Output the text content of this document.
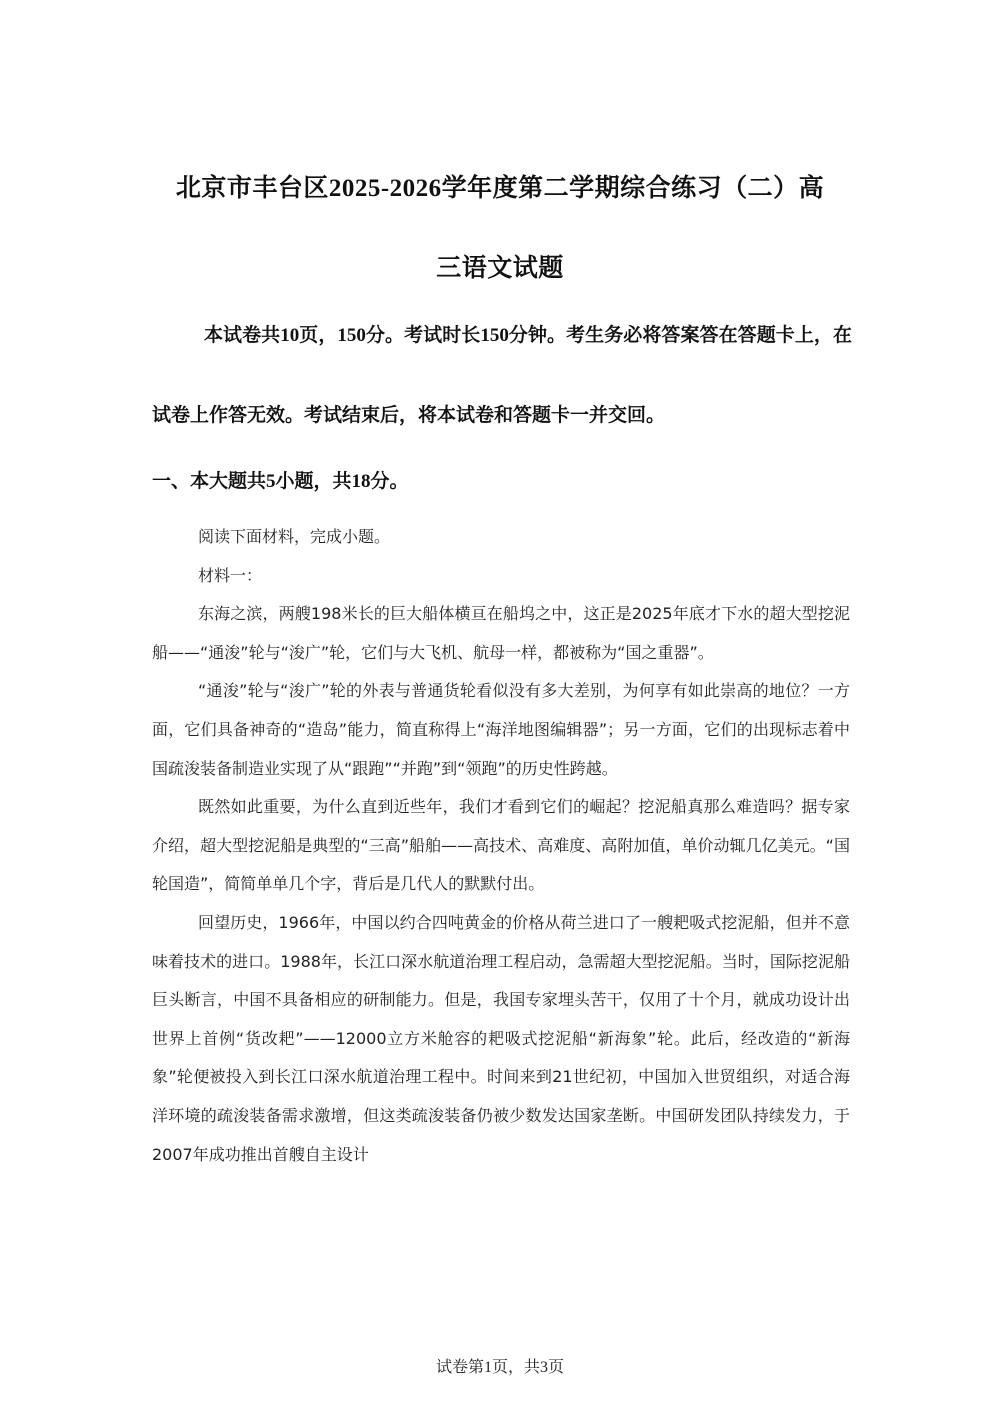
北京市丰台区2025-2026学年度第二学期综合练习（二）高
三语文试题

本试卷共10页，150分。考试时长150分钟。考生务必将答案答在答题卡上，在试卷上作答无效。考试结束后，将本试卷和答题卡一并交回。

一、本大题共5小题，共18分。

阅读下面材料，完成小题。

材料一：

东海之滨，两艘198米长的巨大船体横亘在船坞之中，这正是2025年底才下水的超大型挖泥船——“通浚”轮与“浚广”轮，它们与大飞机、航母一样，都被称为“国之重器”。

“通浚”轮与“浚广”轮的外表与普通货轮看似没有多大差别，为何享有如此崇高的地位？一方面，它们具备神奇的“造岛”能力，简直称得上“海洋地图编辑器”；另一方面，它们的出现标志着中国疏浚装备制造业实现了从“跟跑”“并跑”到“领跑”的历史性跨越。

既然如此重要，为什么直到近些年，我们才看到它们的崛起？挖泥船真那么难造吗？据专家介绍，超大型挖泥船是典型的“三高”船舶——高技术、高难度、高附加值，单价动辄几亿美元。“国轮国造”，简简单单几个字，背后是几代人的默默付出。

回望历史，1966年，中国以约合四吨黄金的价格从荷兰进口了一艘耙吸式挖泥船，但并不意味着技术的进口。1988年，长江口深水航道治理工程启动，急需超大型挖泥船。当时，国际挖泥船巨头断言，中国不具备相应的研制能力。但是，我国专家埋头苦干，仅用了十个月，就成功设计出世界上首例“货改耙”——12000立方米舱容的耙吸式挖泥船“新海象”轮。此后，经改造的“新海象”轮便被投入到长江口深水航道治理工程中。时间来到21世纪初，中国加入世贸组织，对适合海洋环境的疏浚装备需求激增，但这类疏浚装备仍被少数发达国家垄断。中国研发团队持续发力，于2007年成功推出首艘自主设计

试卷第1页，共3页
